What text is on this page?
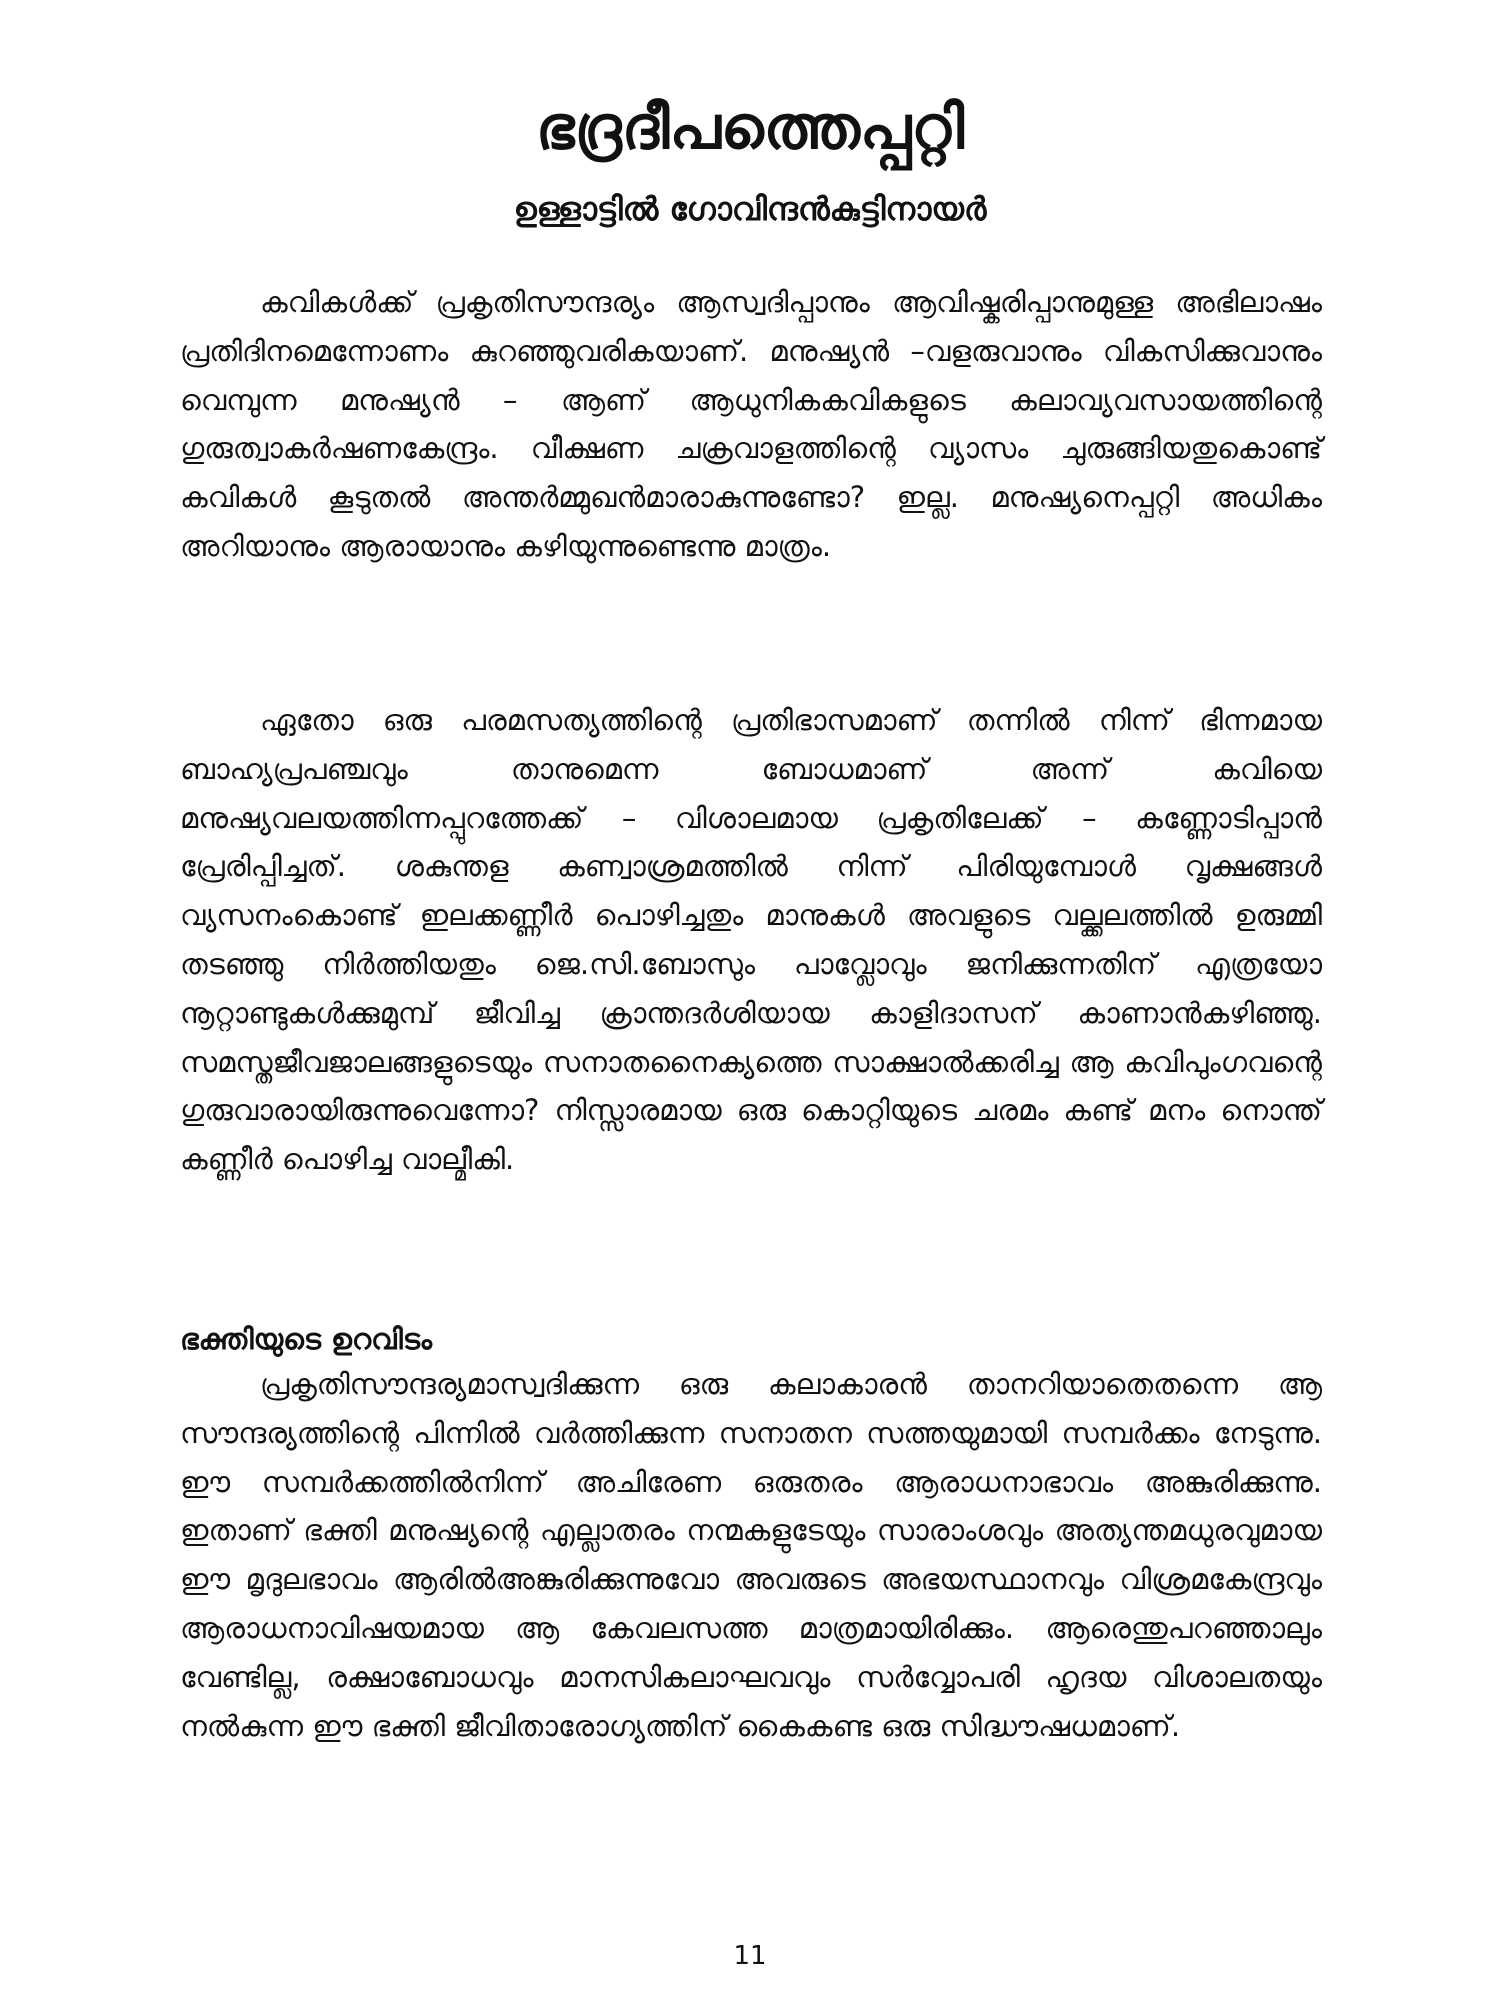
ഭദ്രദീപത്തെപ്പറ്റി
ഉള്ളാട്ടിൽ ഗോവിന്ദൻകുട്ടിനായർ

കവികൾക്ക് പ്രകൃതിസൗന്ദര്യം ആസ്വദിപ്പാനും ആവിഷ്കരിപ്പാനുമുള്ള അഭിലാഷം പ്രതിദിനമെന്നോണം കുറഞ്ഞുവരികയാണ്. മനുഷ്യൻ –വളരുവാനും വികസിക്കുവാനും വെമ്പുന്ന മനുഷ്യൻ – ആണ് ആധുനികകവികളുടെ കലാവ്യവസായത്തിന്റെ ഗുരുത്വാകർഷണകേന്ദ്രം. വീക്ഷണ ചക്രവാളത്തിന്റെ വ്യാസം ചുരുങ്ങിയതുകൊണ്ട് കവികൾ കൂടുതൽ അന്തർമ്മുഖൻമാരാകുന്നുണ്ടോ? ഇല്ല. മനുഷ്യനെപ്പറ്റി അധികം അറിയാനും ആരായാനും കഴിയുന്നുണ്ടെന്നു മാത്രം.

ഏതോ ഒരു പരമസത്യത്തിന്റെ പ്രതിഭാസമാണ് തന്നിൽ നിന്ന് ഭിന്നമായ ബാഹ്യപ്രപഞ്ചവും താനുമെന്ന ബോധമാണ് അന്ന് കവിയെ മനുഷ്യവലയത്തിന്നപ്പുറത്തേക്ക് – വിശാലമായ പ്രകൃതിലേക്ക് – കണ്ണോടിപ്പാൻ പ്രേരിപ്പിച്ചത്. ശകുന്തള കണ്വാശ്രമത്തിൽ നിന്ന് പിരിയുമ്പോൾ വൃക്ഷങ്ങൾ വ്യസനംകൊണ്ട് ഇലക്കണ്ണീർ പൊഴിച്ചതും മാനുകൾ അവളുടെ വല്ക്കലത്തിൽ ഉരുമ്മി തടഞ്ഞു നിർത്തിയതും ജെ.സി.ബോസും പാവ്ലോവും ജനിക്കുന്നതിന് എത്രയോ നൂറ്റാണ്ടുകൾക്കുമുമ്പ് ജീവിച്ച ക്രാന്തദർശിയായ കാളിദാസന് കാണാൻകഴിഞ്ഞു. സമസ്തജീവജാലങ്ങളുടെയും സനാതനൈക്യത്തെ സാക്ഷാൽക്കരിച്ച ആ കവിപുംഗവന്റെ ഗുരുവാരായിരുന്നുവെന്നോ? നിസ്സാരമായ ഒരു കൊറ്റിയുടെ ചരമം കണ്ട് മനം നൊന്ത് കണ്ണീർ പൊഴിച്ച വാല്മീകി.

ഭക്തിയുടെ ഉറവിടം

പ്രകൃതിസൗന്ദര്യമാസ്വദിക്കുന്ന ഒരു കലാകാരൻ താനറിയാതെതന്നെ ആ സൗന്ദര്യത്തിന്റെ പിന്നിൽ വർത്തിക്കുന്ന സനാതന സത്തയുമായി സമ്പർക്കം നേടുന്നു. ഈ സമ്പർക്കത്തിൽനിന്ന് അചിരേണ ഒരുതരം ആരാധനാഭാവം അങ്കുരിക്കുന്നു. ഇതാണ് ഭക്തി മനുഷ്യന്റെ എല്ലാതരം നന്മകളുടേയും സാരാംശവും അത്യന്തമധുരവുമായ ഈ മൃദുലഭാവം ആരിൽഅങ്കുരിക്കുന്നുവോ അവരുടെ അഭയസ്ഥാനവും വിശ്രമകേന്ദ്രവും ആരാധനാവിഷയമായ ആ കേവലസത്ത മാത്രമായിരിക്കും. ആരെന്തുപറഞ്ഞാലും വേണ്ടില്ല, രക്ഷാബോധവും മാനസികലാഘവവും സർവ്വോപരി ഹൃദയ വിശാലതയും നൽകുന്ന ഈ ഭക്തി ജീവിതാരോഗ്യത്തിന് കൈകണ്ട ഒരു സിദ്ധൗഷധമാണ്.

11
